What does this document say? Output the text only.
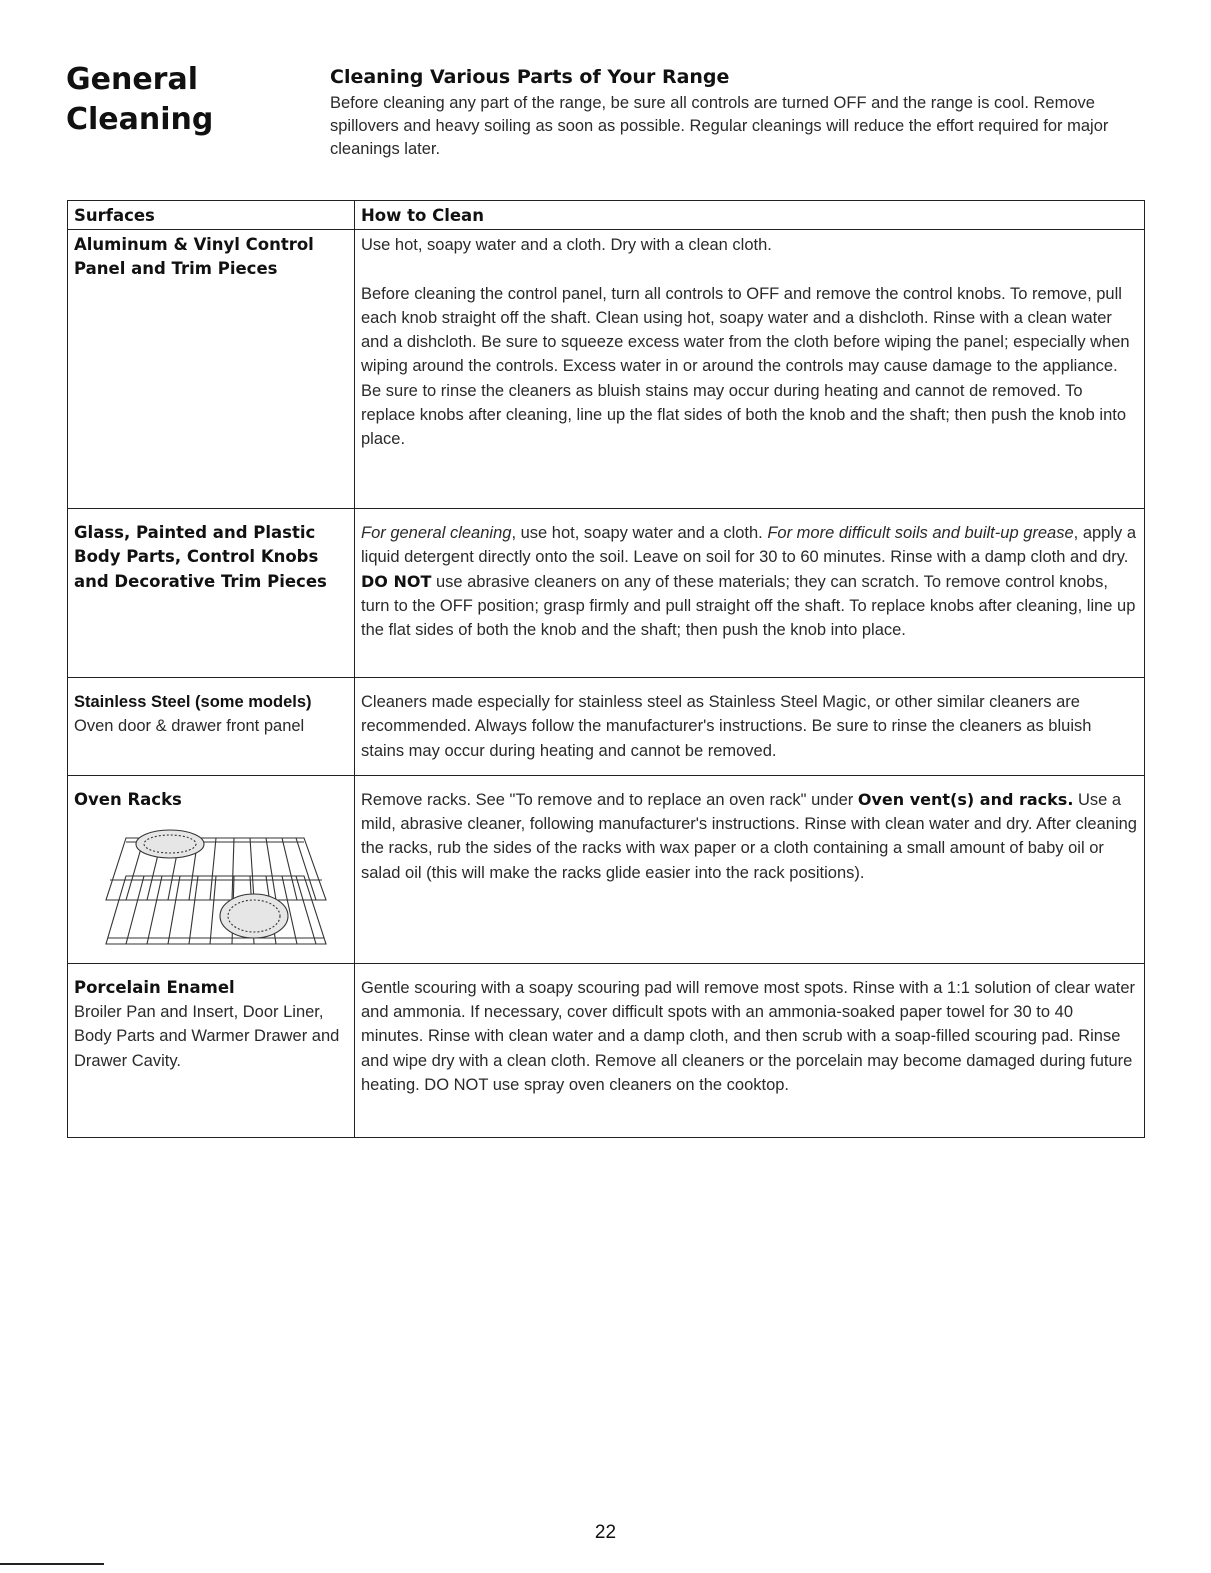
General
Cleaning
Cleaning Various Parts of Your Range

Before cleaning any part of the range, be sure all controls are turned OFF and the range is cool. Remove spillovers and heavy soiling as soon as possible. Regular cleanings will reduce the effort required for major cleanings later.

Surfaces	How to Clean

Aluminum & Vinyl Control Panel and Trim Pieces	Use hot, soapy water and a cloth. Dry with a clean cloth.

Before cleaning the control panel, turn all controls to OFF and remove the control knobs. To remove, pull each knob straight off the shaft. Clean using hot, soapy water and a dishcloth. Rinse with a clean water and a dishcloth. Be sure to squeeze excess water from the cloth before wiping the panel; especially when wiping around the controls. Excess water in or around the controls may cause damage to the appliance. Be sure to rinse the cleaners as bluish stains may occur during heating and cannot de removed. To replace knobs after cleaning, line up the flat sides of both the knob and the shaft; then push the knob into place.

Glass, Painted and Plastic Body Parts, Control Knobs and Decorative Trim Pieces	For general cleaning, use hot, soapy water and a cloth. For more difficult soils and built-up grease, apply a liquid detergent directly onto the soil. Leave on soil for 30 to 60 minutes. Rinse with a damp cloth and dry. DO NOT use abrasive cleaners on any of these materials; they can scratch. To remove control knobs, turn to the OFF position; grasp firmly and pull straight off the shaft. To replace knobs after cleaning, line up the flat sides of both the knob and the shaft; then push the knob into place.

Stainless Steel (some models) Oven door & drawer front panel	Cleaners made especially for stainless steel as Stainless Steel Magic, or other similar cleaners are recommended. Always follow the manufacturer's instructions. Be sure to rinse the cleaners as bluish stains may occur during heating and cannot be removed.

Oven Racks	Remove racks. See "To remove and to replace an oven rack" under Oven vent(s) and racks. Use a mild, abrasive cleaner, following manufacturer's instructions. Rinse with clean water and dry. After cleaning the racks, rub the sides of the racks with wax paper or a cloth containing a small amount of baby oil or salad oil (this will make the racks glide easier into the rack positions).

Porcelain Enamel
Broiler Pan and Insert, Door Liner, Body Parts and Warmer Drawer and Drawer Cavity.	Gentle scouring with a soapy scouring pad will remove most spots. Rinse with a 1:1 solution of clear water and ammonia. If necessary, cover difficult spots with an ammonia-soaked paper towel for 30 to 40 minutes. Rinse with clean water and a damp cloth, and then scrub with a soap-filled scouring pad. Rinse and wipe dry with a clean cloth. Remove all cleaners or the porcelain may become damaged during future heating. DO NOT use spray oven cleaners on the cooktop.

22
